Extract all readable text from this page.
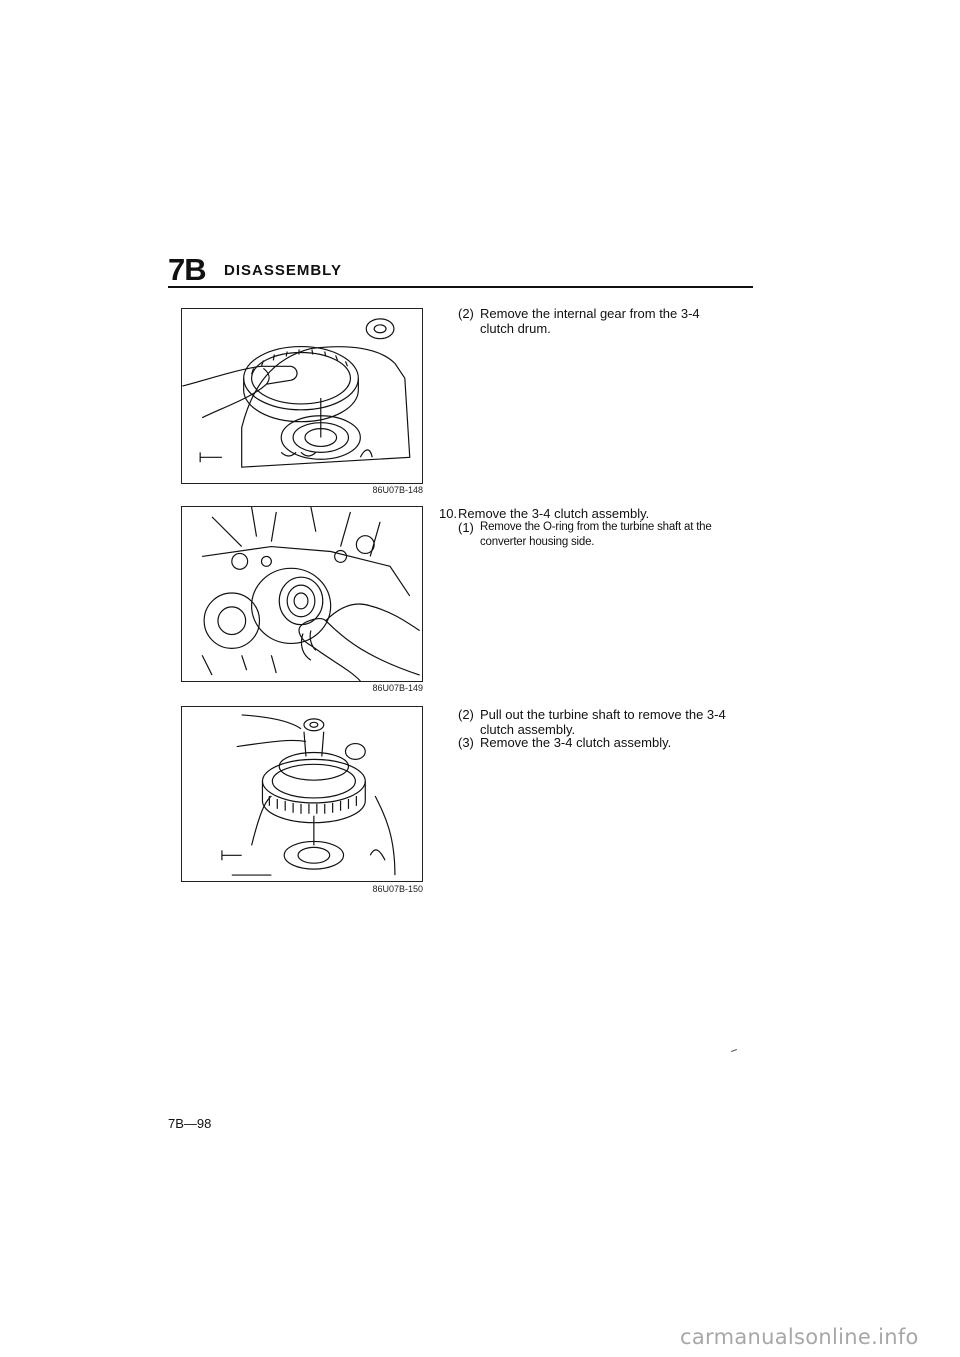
7B DISASSEMBLY
86U07B-148
86U07B-149
86U07B-150
(2) Remove the internal gear from the 3-4 clutch drum.
10. Remove the 3-4 clutch assembly.
(1) Remove the O-ring from the turbine shaft at the converter housing side.
(2) Pull out the turbine shaft to remove the 3-4 clutch assembly.
(3) Remove the 3-4 clutch assembly.
7B—98
carmanualsonline.info
